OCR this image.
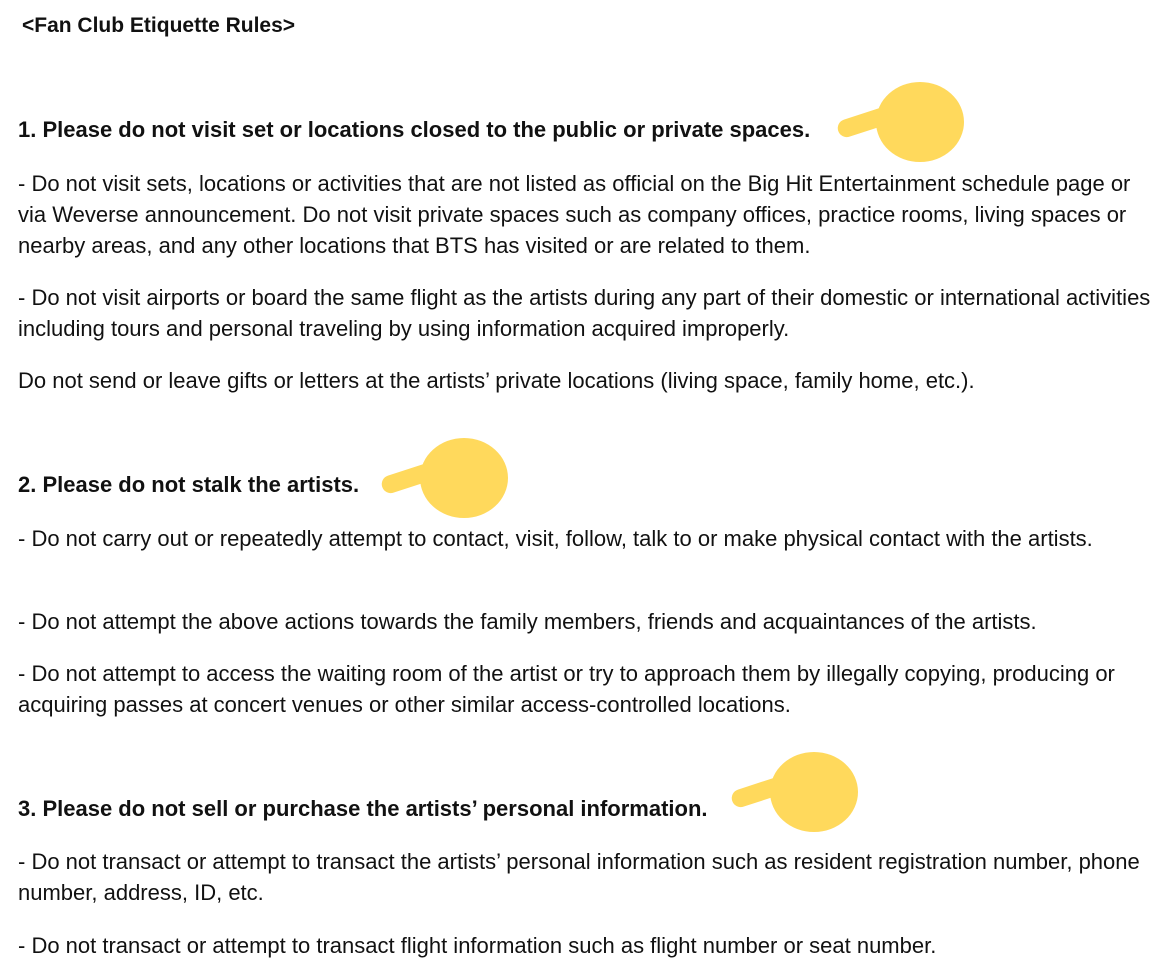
<Fan Club Etiquette Rules>
1. Please do not visit set or locations closed to the public or private spaces.
- Do not visit sets, locations or activities that are not listed as official on the Big Hit Entertainment schedule page or via Weverse announcement. Do not visit private spaces such as company offices, practice rooms, living spaces or nearby areas, and any other locations that BTS has visited or are related to them.
- Do not visit airports or board the same flight as the artists during any part of their domestic or international activities including tours and personal traveling by using information acquired improperly.
Do not send or leave gifts or letters at the artists’ private locations (living space, family home, etc.).
2. Please do not stalk the artists.
- Do not carry out or repeatedly attempt to contact, visit, follow, talk to or make physical contact with the artists.
- Do not attempt the above actions towards the family members, friends and acquaintances of the artists.
- Do not attempt to access the waiting room of the artist or try to approach them by illegally copying, producing or acquiring passes at concert venues or other similar access-controlled locations.
3. Please do not sell or purchase the artists’ personal information.
- Do not transact or attempt to transact the artists’ personal information such as resident registration number, phone number, address, ID, etc.
- Do not transact or attempt to transact flight information such as flight number or seat number.
